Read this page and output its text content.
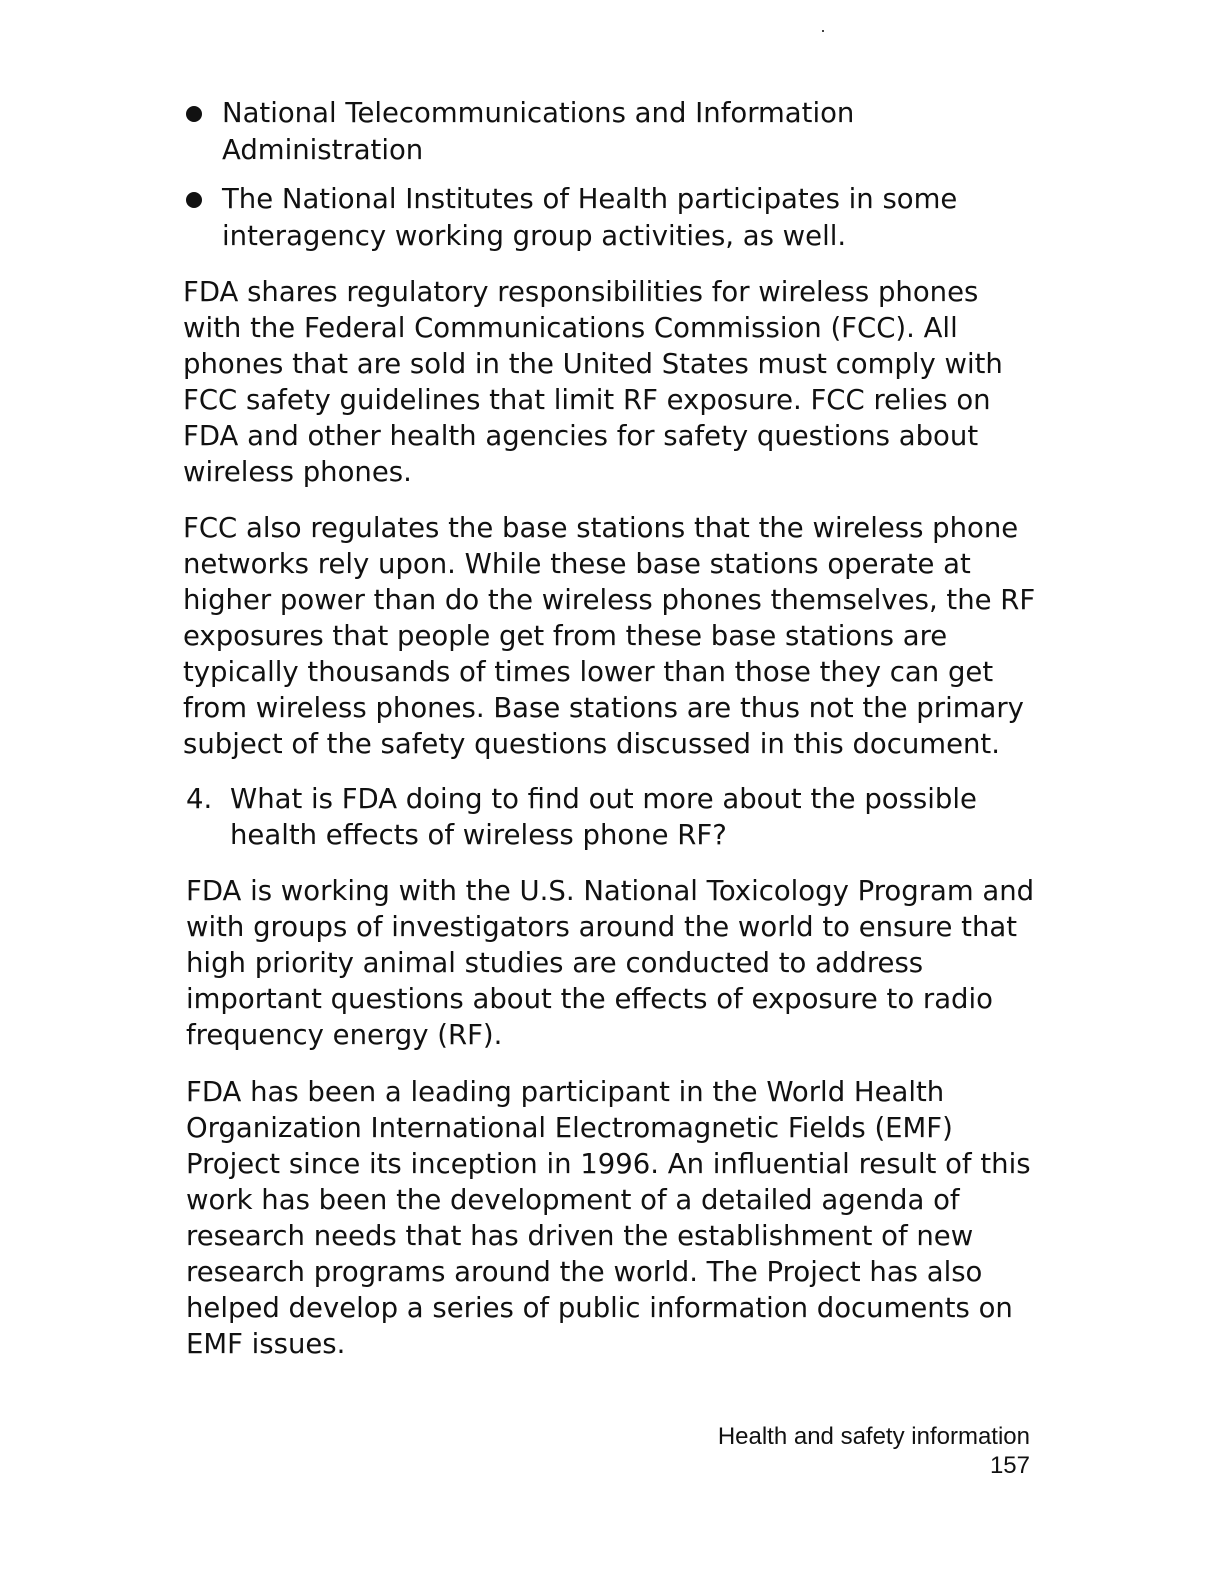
National Telecommunications and Information Administration
The National Institutes of Health participates in some interagency working group activities, as well.

FDA shares regulatory responsibilities for wireless phones with the Federal Communications Commission (FCC). All phones that are sold in the United States must comply with FCC safety guidelines that limit RF exposure. FCC relies on FDA and other health agencies for safety questions about wireless phones.

FCC also regulates the base stations that the wireless phone networks rely upon. While these base stations operate at higher power than do the wireless phones themselves, the RF exposures that people get from these base stations are typically thousands of times lower than those they can get from wireless phones. Base stations are thus not the primary subject of the safety questions discussed in this document.

4. What is FDA doing to find out more about the possible health effects of wireless phone RF?

FDA is working with the U.S. National Toxicology Program and with groups of investigators around the world to ensure that high priority animal studies are conducted to address important questions about the effects of exposure to radio frequency energy (RF).

FDA has been a leading participant in the World Health Organization International Electromagnetic Fields (EMF) Project since its inception in 1996. An influential result of this work has been the development of a detailed agenda of research needs that has driven the establishment of new research programs around the world. The Project has also helped develop a series of public information documents on EMF issues.

Health and safety information
157
